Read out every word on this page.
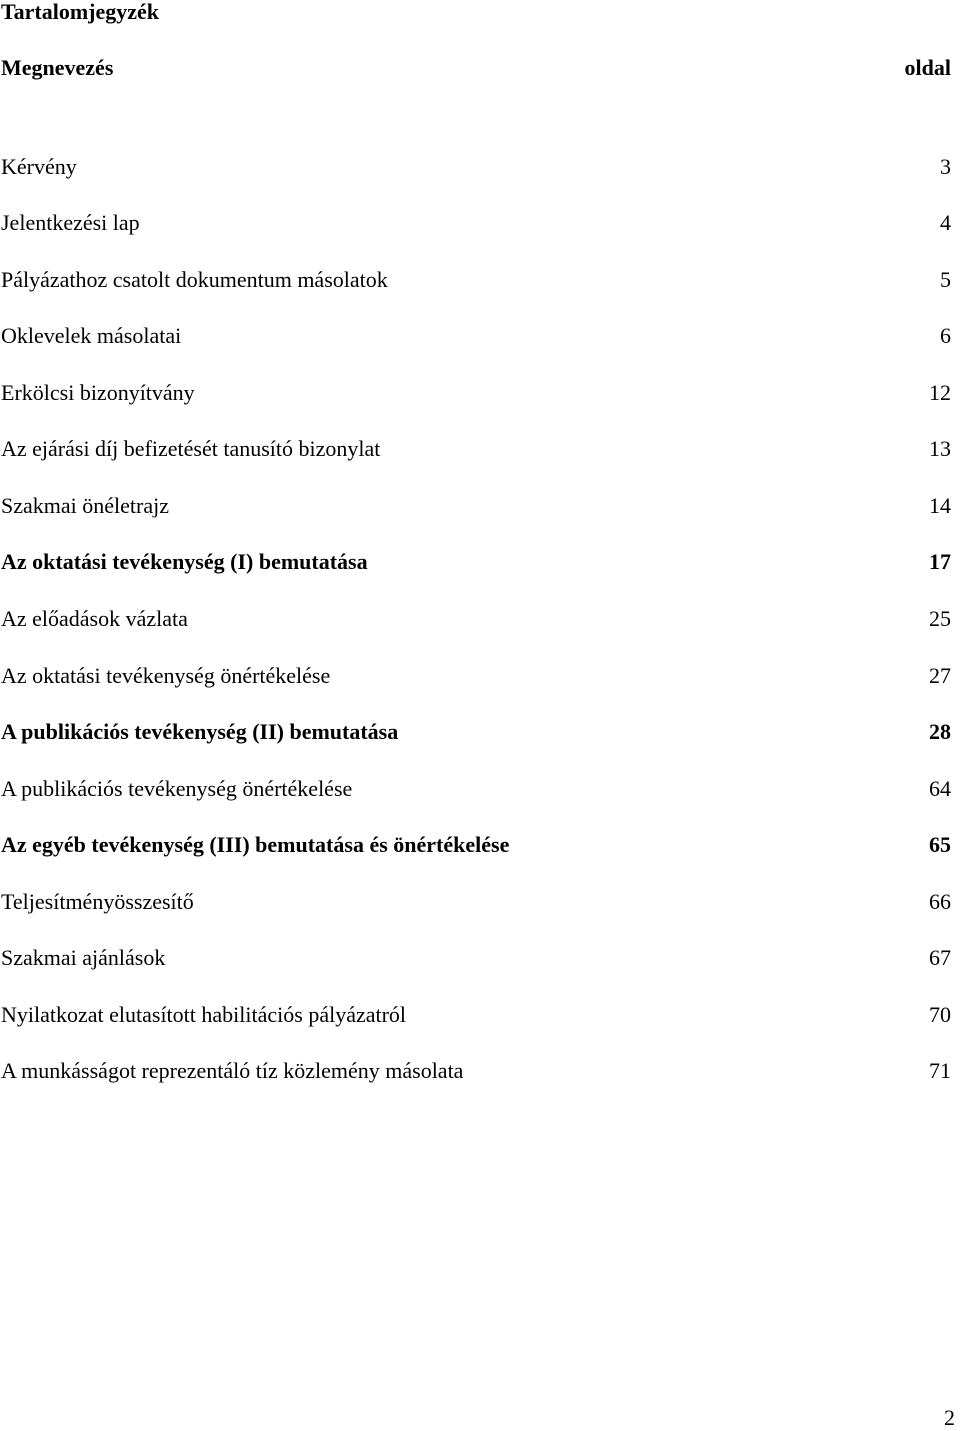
Tartalomjegyzék
Megnevezés	oldal
Kérvény	3
Jelentkezési lap	4
Pályázathoz csatolt dokumentum másolatok	5
Oklevelek másolatai	6
Erkölcsi bizonyítvány	12
Az ejárási díj befizetését tanusító bizonylat	13
Szakmai önéletrajz	14
Az oktatási tevékenység (I) bemutatása	17
Az előadások vázlata	25
Az oktatási tevékenység önértékelése	27
A publikációs tevékenység (II) bemutatása	28
A publikációs tevékenység önértékelése	64
Az egyéb tevékenység (III) bemutatása és önértékelése	65
Teljesítményösszesítő	66
Szakmai ajánlások	67
Nyilatkozat elutasított habilitációs pályázatról	70
A munkásságot reprezentáló tíz közlemény másolata	71
2
